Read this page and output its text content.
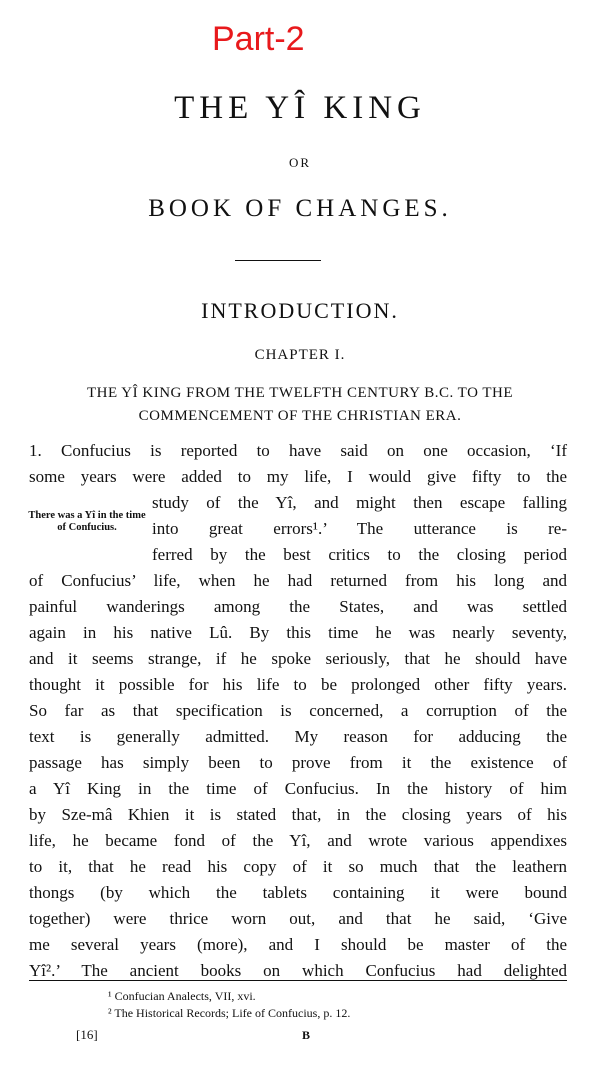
Part-2
THE YÎ KING
OR
BOOK OF CHANGES.
INTRODUCTION.
CHAPTER I.
THE YÎ KING FROM THE TWELFTH CENTURY B.C. TO THE COMMENCEMENT OF THE CHRISTIAN ERA.
There was a Yî in the time of Confucius.
1. Confucius is reported to have said on one occasion, ‘If
some years were added to my life, I would give fifty to the
study of the Yî, and might then escape falling
into great errors¹.’ The utterance is re-
ferred by the best critics to the closing period
of Confucius’ life, when he had returned from his long and
painful wanderings among the States, and was settled
again in his native Lû. By this time he was nearly seventy,
and it seems strange, if he spoke seriously, that he should have
thought it possible for his life to be prolonged other fifty years.
So far as that specification is concerned, a corruption of the
text is generally admitted. My reason for adducing the
passage has simply been to prove from it the existence of
a Yî King in the time of Confucius. In the history of him
by Sze-mâ Khien it is stated that, in the closing years of his
life, he became fond of the Yî, and wrote various appendixes
to it, that he read his copy of it so much that the leathern
thongs (by which the tablets containing it were bound
together) were thrice worn out, and that he said, ‘Give
me several years (more), and I should be master of the
Yî².’ The ancient books on which Confucius had delighted
¹ Confucian Analects, VII, xvi.
² The Historical Records; Life of Confucius, p. 12.
[16]	B
